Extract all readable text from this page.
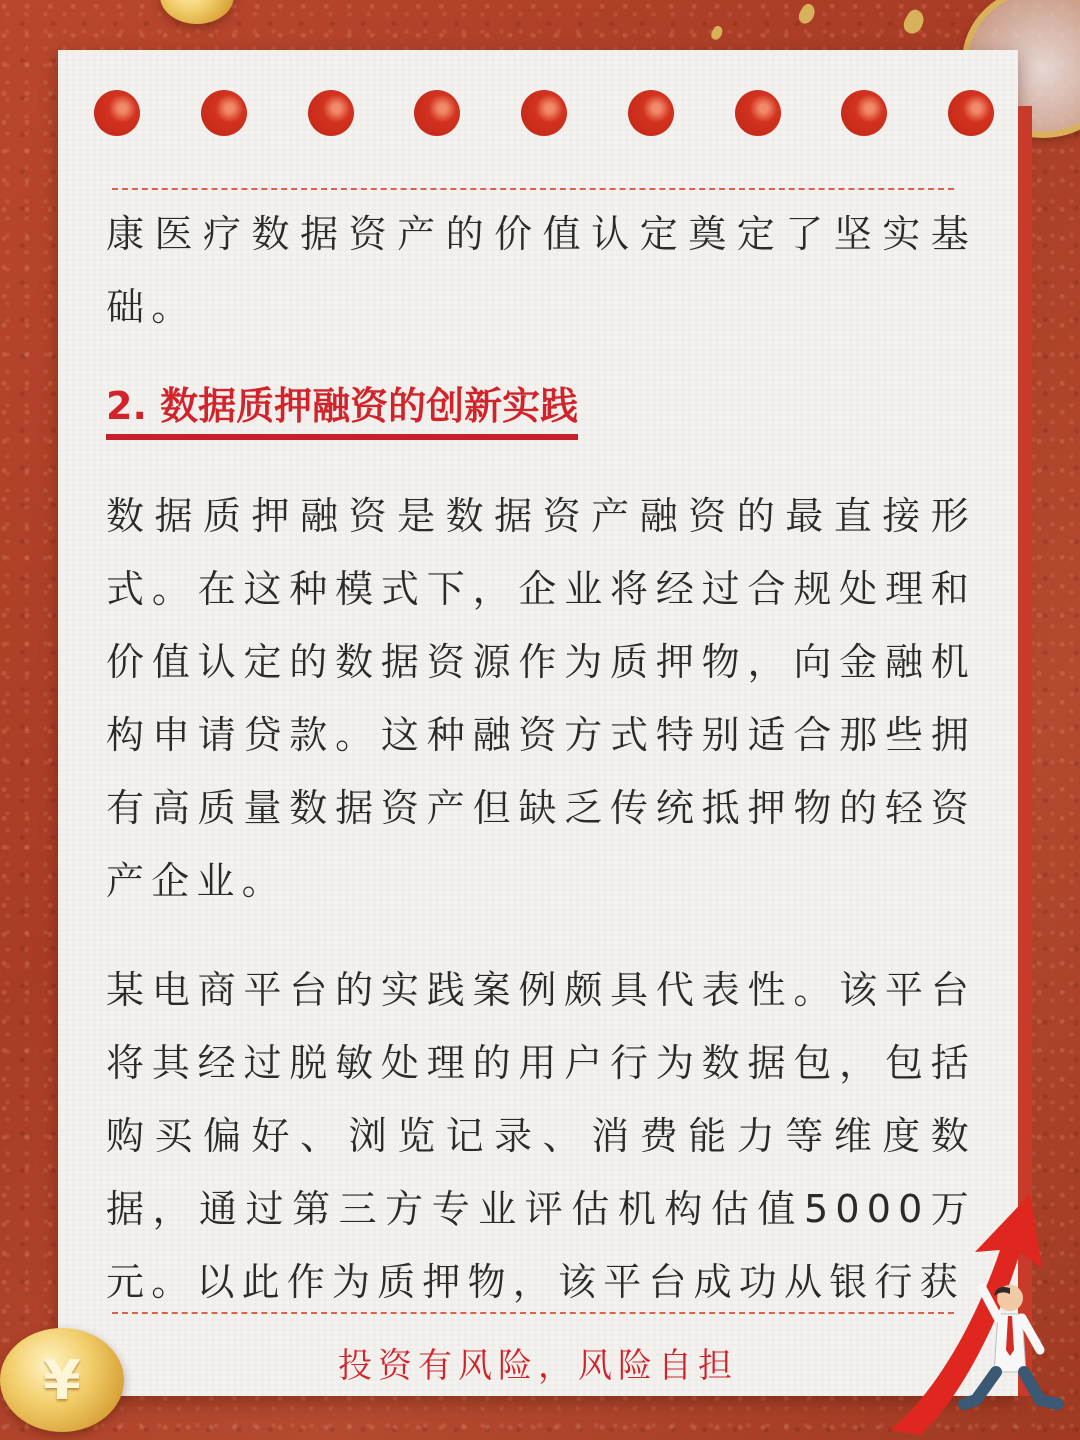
康医疗数据资产的价值认定奠定了坚实基础。

2. 数据质押融资的创新实践

数据质押融资是数据资产融资的最直接形式。在这种模式下，企业将经过合规处理和价值认定的数据资源作为质押物，向金融机构申请贷款。这种融资方式特别适合那些拥有高质量数据资产但缺乏传统抵押物的轻资产企业。

某电商平台的实践案例颇具代表性。该平台将其经过脱敏处理的用户行为数据包，包括购买偏好、浏览记录、消费能力等维度数据，通过第三方专业评估机构估值5000万元。以此作为质押物，该平台成功从银行获

投资有风险，风险自担
¥
